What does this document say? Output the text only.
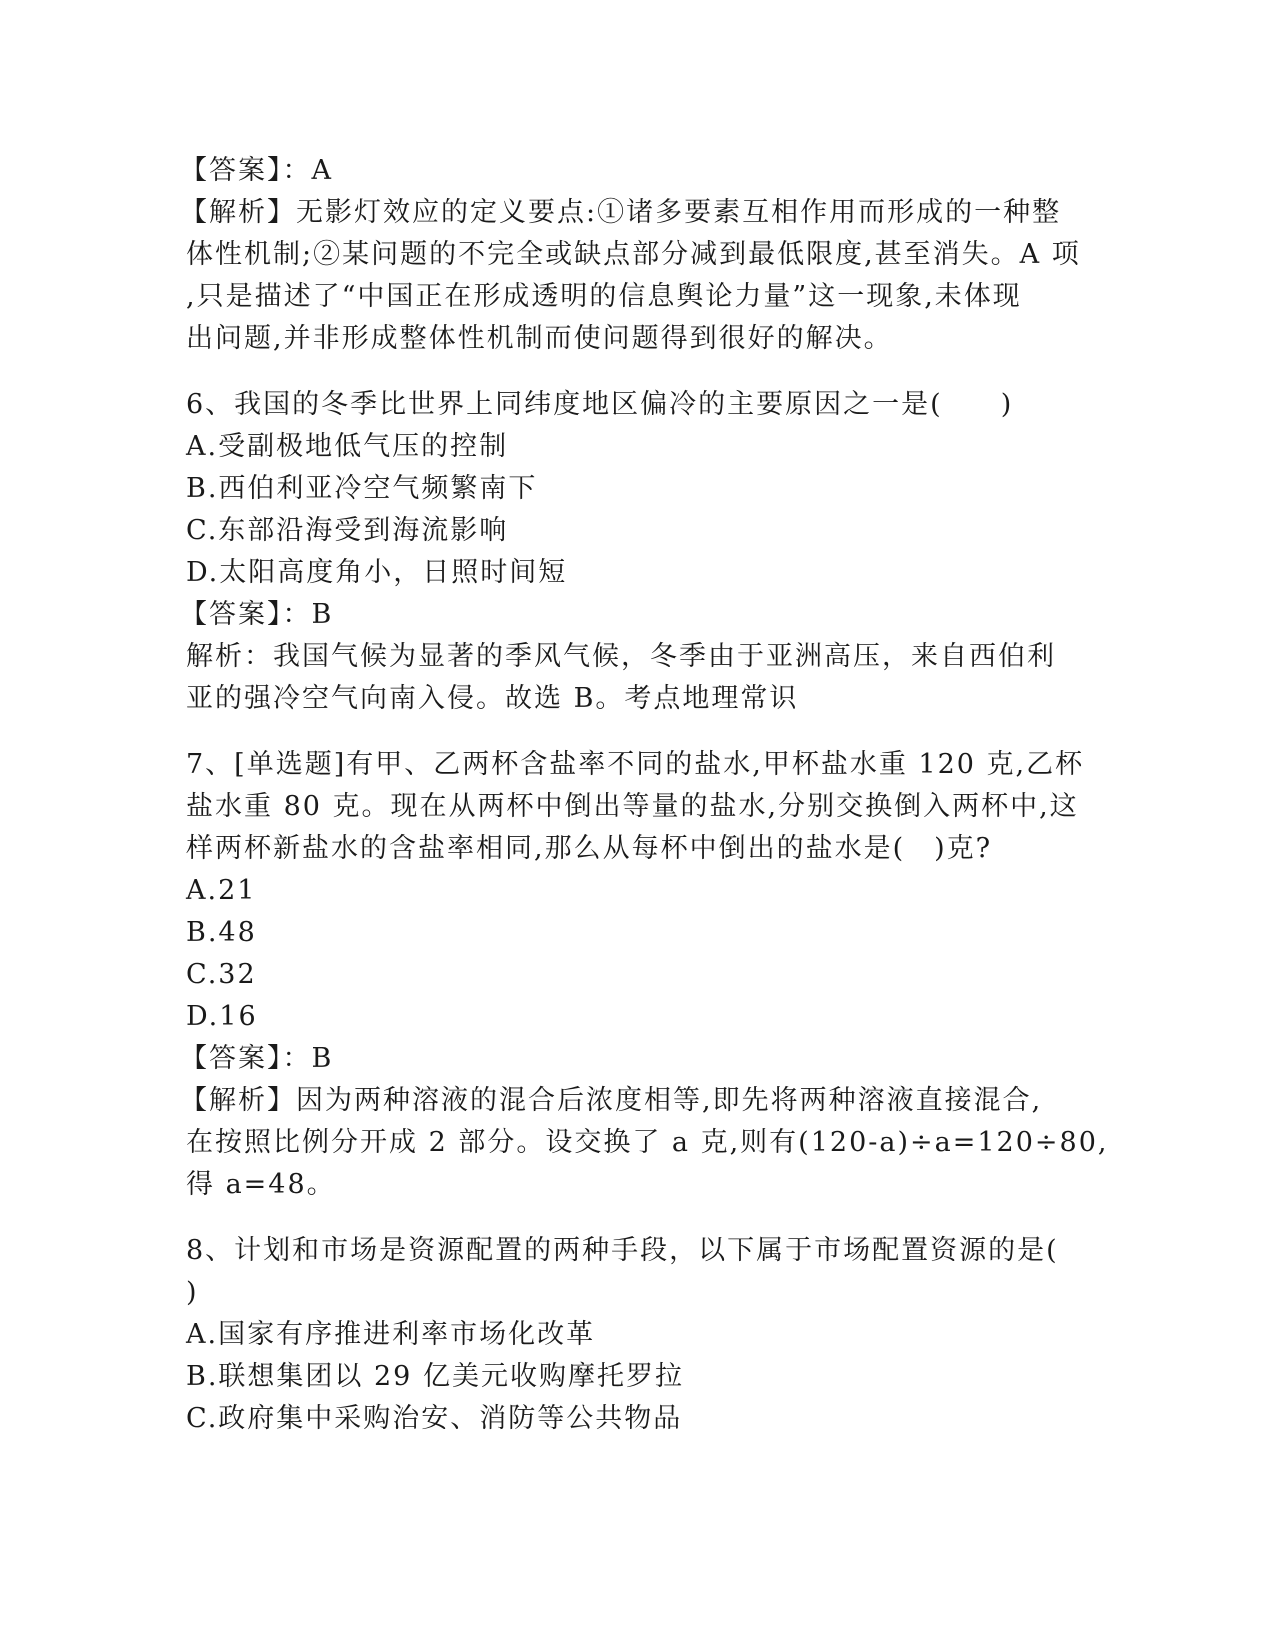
【答案】：A
【解析】无影灯效应的定义要点:①诸多要素互相作用而形成的一种整
体性机制;②某问题的不完全或缺点部分减到最低限度,甚至消失。A 项
,只是描述了“中国正在形成透明的信息舆论力量”这一现象,未体现
出问题,并非形成整体性机制而使问题得到很好的解决。
6、我国的冬季比世界上同纬度地区偏冷的主要原因之一是(　　)
A.受副极地低气压的控制
B.西伯利亚冷空气频繁南下
C.东部沿海受到海流影响
D.太阳高度角小，日照时间短
【答案】：B
解析：我国气候为显著的季风气候，冬季由于亚洲高压，来自西伯利
亚的强冷空气向南入侵。故选 B。考点地理常识
7、[单选题]有甲、乙两杯含盐率不同的盐水,甲杯盐水重 120 克,乙杯
盐水重 80 克。现在从两杯中倒出等量的盐水,分别交换倒入两杯中,这
样两杯新盐水的含盐率相同,那么从每杯中倒出的盐水是(　)克?
A.21
B.48
C.32
D.16
【答案】：B
【解析】因为两种溶液的混合后浓度相等,即先将两种溶液直接混合,
在按照比例分开成 2 部分。设交换了 a 克,则有(120-a)÷a=120÷80,
得 a=48。
8、计划和市场是资源配置的两种手段，以下属于市场配置资源的是(
)
A.国家有序推进利率市场化改革
B.联想集团以 29 亿美元收购摩托罗拉
C.政府集中采购治安、消防等公共物品
